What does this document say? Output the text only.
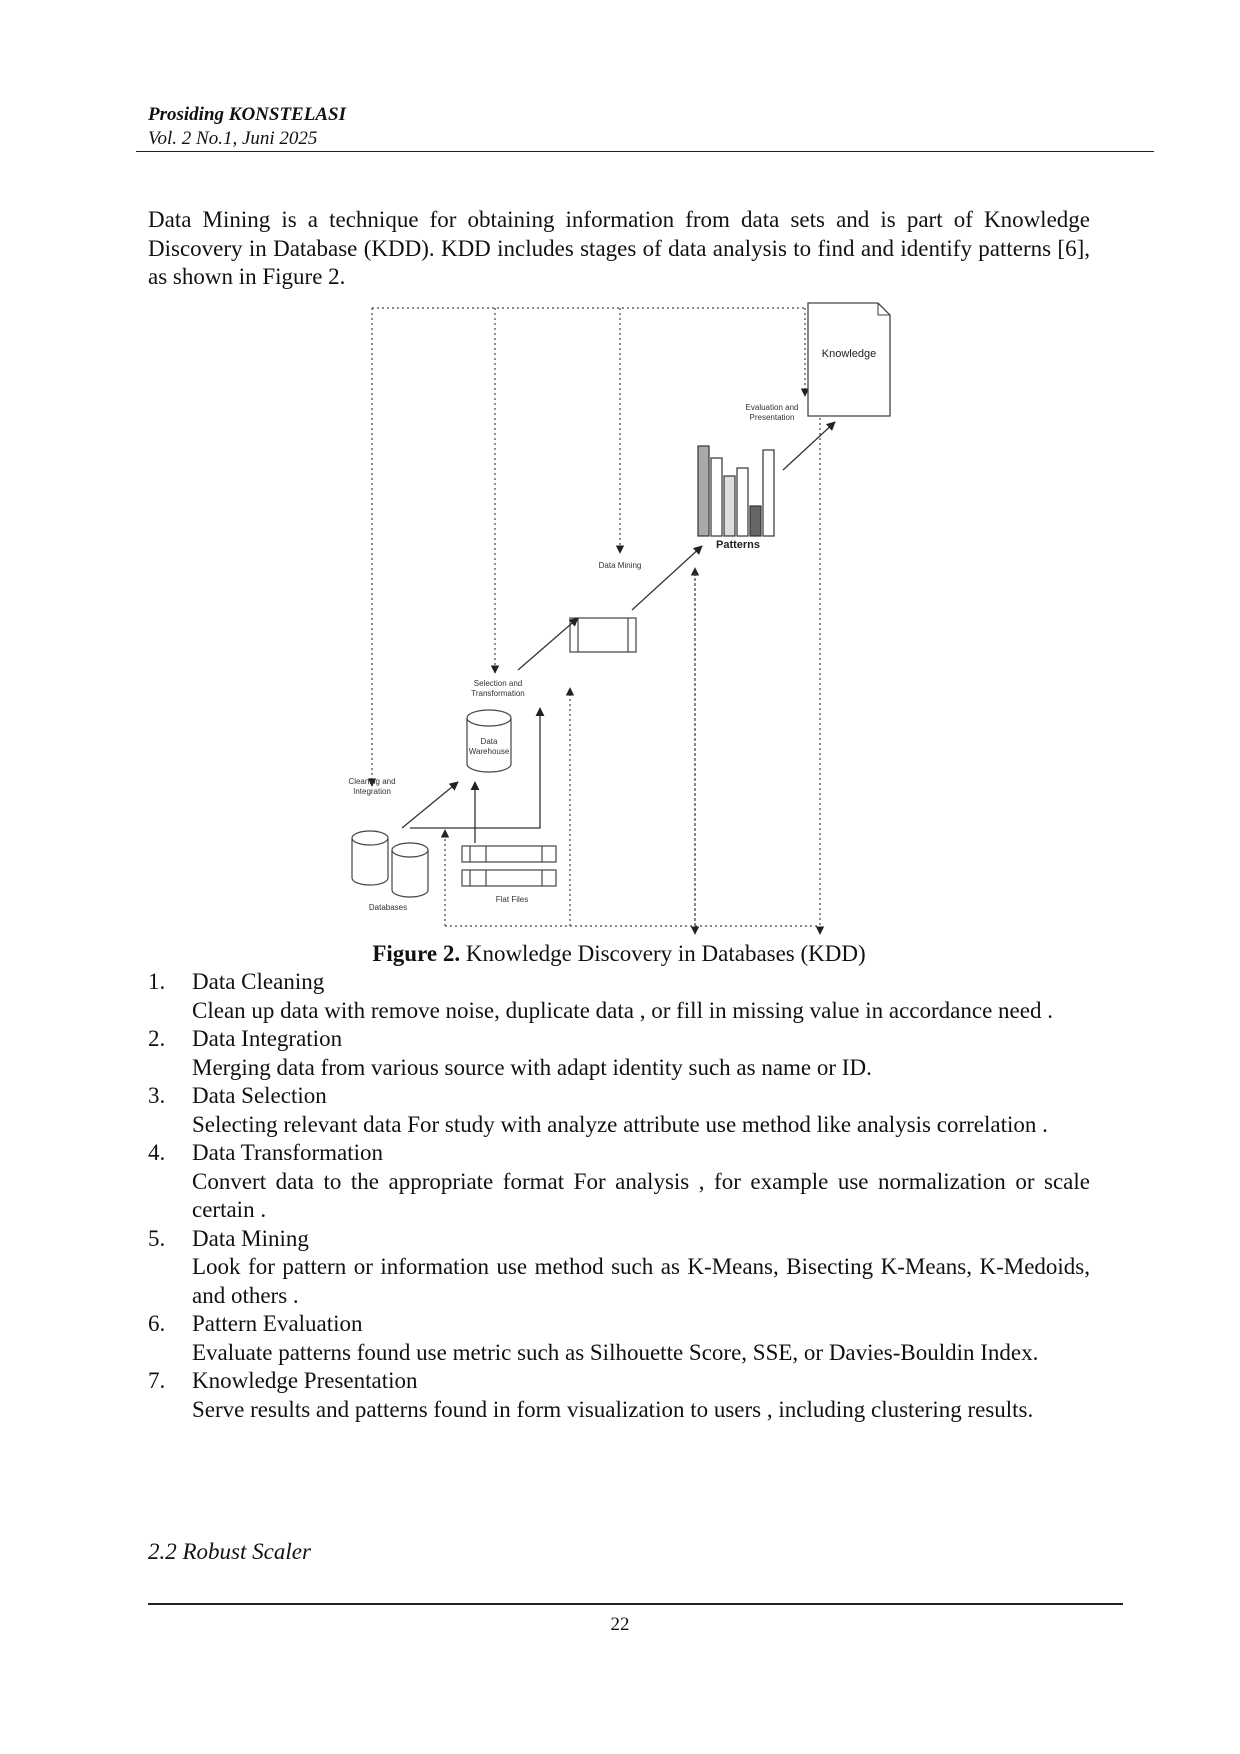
Prosiding KONSTELASI
Vol. 2 No.1, Juni 2025

Data Mining is a technique for obtaining information from data sets and is part of Knowledge Discovery in Database (KDD). KDD includes stages of data analysis to find and identify patterns [6], as shown in Figure 2.

Knowledge
Evaluation and
Presentation
Patterns
Data Mining
Selection and
Transformation
Data
Warehouse
Cleaning and
Integration
Databases
Flat Files
Figure 2. Knowledge Discovery in Databases (KDD)
1. Data Cleaning
Clean up data with remove noise, duplicate data , or fill in missing value in accordance need .
2. Data Integration
Merging data from various source with adapt identity such as name or ID.
3. Data Selection
Selecting relevant data For study with analyze attribute use method like analysis correlation .
4. Data Transformation
Convert data to the appropriate format For analysis , for example use normalization or scale certain .
5. Data Mining
Look for pattern or information use method such as K-Means, Bisecting K-Means, K-Medoids, and others .
6. Pattern Evaluation
Evaluate patterns found use metric such as Silhouette Score, SSE, or Davies-Bouldin Index.
7. Knowledge Presentation
Serve results and patterns found in form visualization to users , including clustering results.
2.2 Robust Scaler
22
